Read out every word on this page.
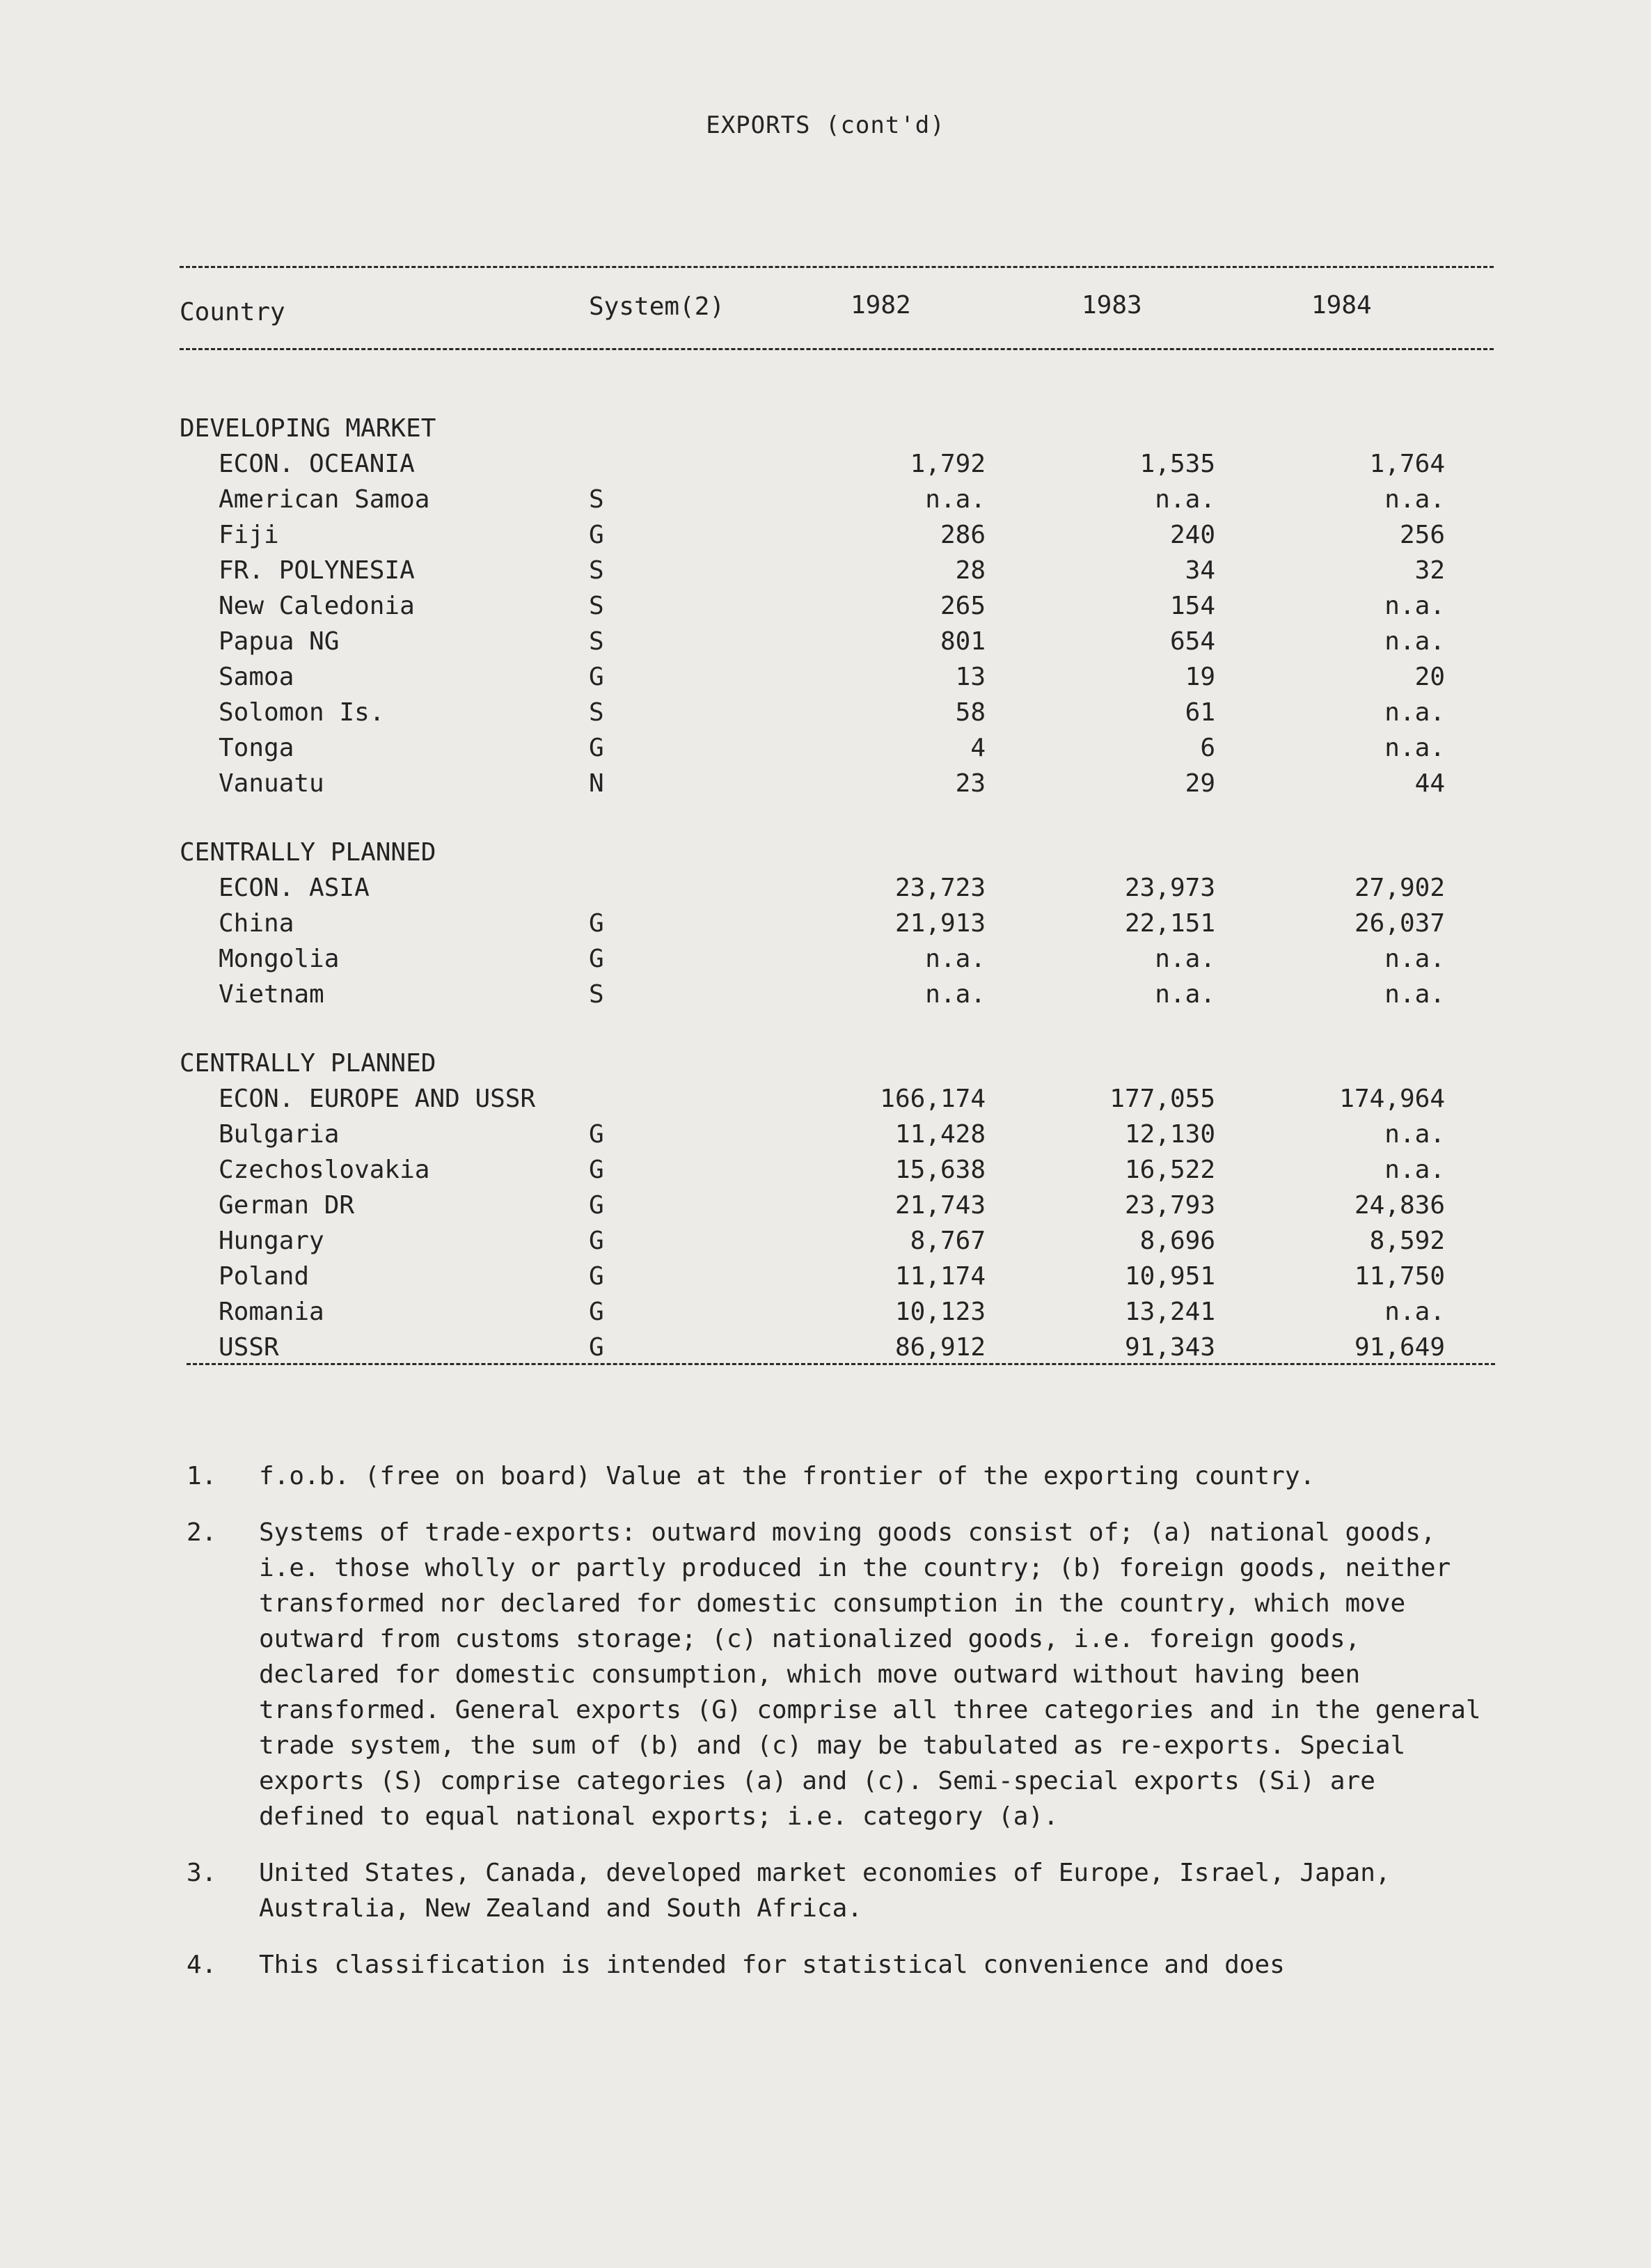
EXPORTS (cont'd)
Country	System(2)	1982	1983	1984
DEVELOPING MARKET				
ECON. OCEANIA		1,792	1,535	1,764
American Samoa	S	n.a.	n.a.	n.a.
Fiji	G	286	240	256
FR. POLYNESIA	S	28	34	32
New Caledonia	S	265	154	n.a.
Papua NG	S	801	654	n.a.
Samoa	G	13	19	20
Solomon Is.	S	58	61	n.a.
Tonga	G	4	6	n.a.
Vanuatu	N	23	29	44

CENTRALLY PLANNED				
ECON. ASIA		23,723	23,973	27,902
China	G	21,913	22,151	26,037
Mongolia	G	n.a.	n.a.	n.a.
Vietnam	S	n.a.	n.a.	n.a.

CENTRALLY PLANNED				
ECON. EUROPE AND USSR		166,174	177,055	174,964
Bulgaria	G	11,428	12,130	n.a.
Czechoslovakia	G	15,638	16,522	n.a.
German DR	G	21,743	23,793	24,836
Hungary	G	8,767	8,696	8,592
Poland	G	11,174	10,951	11,750
Romania	G	10,123	13,241	n.a.
USSR	G	86,912	91,343	91,649
1.	f.o.b. (free on board) Value at the frontier of the exporting country.
2.	Systems of trade-exports: outward moving goods consist of; (a) national goods, i.e. those wholly or partly produced in the country; (b) foreign goods, neither transformed nor declared for domestic consumption in the country, which move outward from customs storage; (c) nationalized goods, i.e. foreign goods, declared for domestic consumption, which move outward without having been transformed. General exports (G) comprise all three categories and in the general trade system, the sum of (b) and (c) may be tabulated as re-exports. Special exports (S) comprise categories (a) and (c). Semi-special exports (Si) are defined to equal national exports; i.e. category (a).
3.	United States, Canada, developed market economies of Europe, Israel, Japan, Australia, New Zealand and South Africa.
4.	This classification is intended for statistical convenience and does
